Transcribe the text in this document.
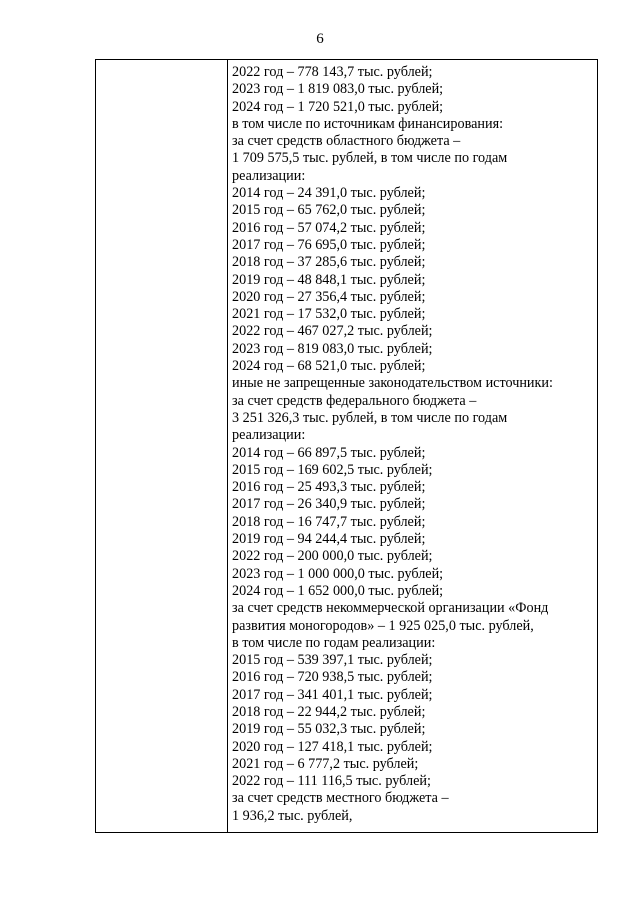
6
2022 год – 778 143,7 тыс. рублей;
2023 год – 1 819 083,0 тыс. рублей;
2024 год – 1 720 521,0 тыс. рублей;
в том числе по источникам финансирования:
за счет средств областного бюджета –
1 709 575,5 тыс. рублей, в том числе по годам
реализации:
2014 год – 24 391,0 тыс. рублей;
2015 год – 65 762,0 тыс. рублей;
2016 год – 57 074,2 тыс. рублей;
2017 год – 76 695,0 тыс. рублей;
2018 год – 37 285,6 тыс. рублей;
2019 год – 48 848,1 тыс. рублей;
2020 год – 27 356,4 тыс. рублей;
2021 год – 17 532,0 тыс. рублей;
2022 год – 467 027,2 тыс. рублей;
2023 год – 819 083,0 тыс. рублей;
2024 год – 68 521,0 тыс. рублей;
иные не запрещенные законодательством источники:
за счет средств федерального бюджета –
3 251 326,3 тыс. рублей, в том числе по годам
реализации:
2014 год – 66 897,5 тыс. рублей;
2015 год – 169 602,5 тыс. рублей;
2016 год – 25 493,3 тыс. рублей;
2017 год – 26 340,9 тыс. рублей;
2018 год – 16 747,7 тыс. рублей;
2019 год – 94 244,4 тыс. рублей;
2022 год – 200 000,0 тыс. рублей;
2023 год – 1 000 000,0 тыс. рублей;
2024 год – 1 652 000,0 тыс. рублей;
за счет средств некоммерческой организации «Фонд
развития моногородов» – 1 925 025,0 тыс. рублей,
в том числе по годам реализации:
2015 год – 539 397,1 тыс. рублей;
2016 год – 720 938,5 тыс. рублей;
2017 год – 341 401,1 тыс. рублей;
2018 год – 22 944,2 тыс. рублей;
2019 год – 55 032,3 тыс. рублей;
2020 год – 127 418,1 тыс. рублей;
2021 год – 6 777,2 тыс. рублей;
2022 год – 111 116,5 тыс. рублей;
за счет средств местного бюджета –
1 936,2 тыс. рублей,
